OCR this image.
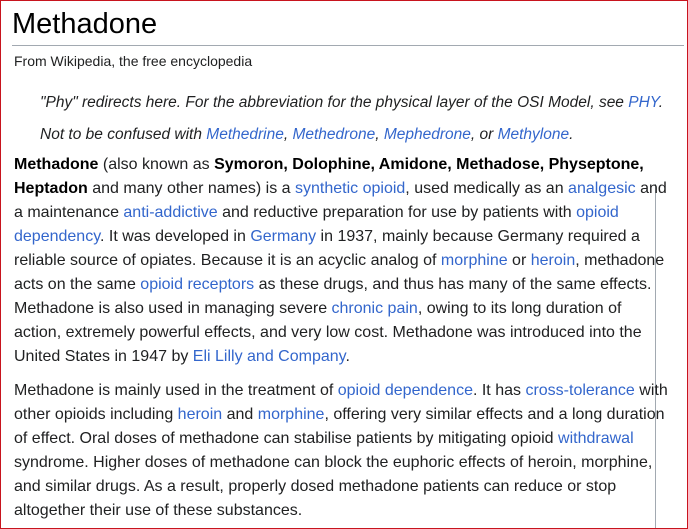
Methadone
From Wikipedia, the free encyclopedia
"Phy" redirects here. For the abbreviation for the physical layer of the OSI Model, see PHY.
Not to be confused with Methedrine, Methedrone, Mephedrone, or Methylone.

Methadone (also known as Symoron, Dolophine, Amidone, Methadose, Physeptone, Heptadon and many other names) is a synthetic opioid, used medically as an analgesic and a maintenance anti-addictive and reductive preparation for use by patients with opioid dependency. It was developed in Germany in 1937, mainly because Germany required a reliable source of opiates. Because it is an acyclic analog of morphine or heroin, methadone acts on the same opioid receptors as these drugs, and thus has many of the same effects. Methadone is also used in managing severe chronic pain, owing to its long duration of action, extremely powerful effects, and very low cost. Methadone was introduced into the United States in 1947 by Eli Lilly and Company.

Methadone is mainly used in the treatment of opioid dependence. It has cross-tolerance with other opioids including heroin and morphine, offering very similar effects and a long duration of effect. Oral doses of methadone can stabilise patients by mitigating opioid withdrawal syndrome. Higher doses of methadone can block the euphoric effects of heroin, morphine, and similar drugs. As a result, properly dosed methadone patients can reduce or stop altogether their use of these substances.
